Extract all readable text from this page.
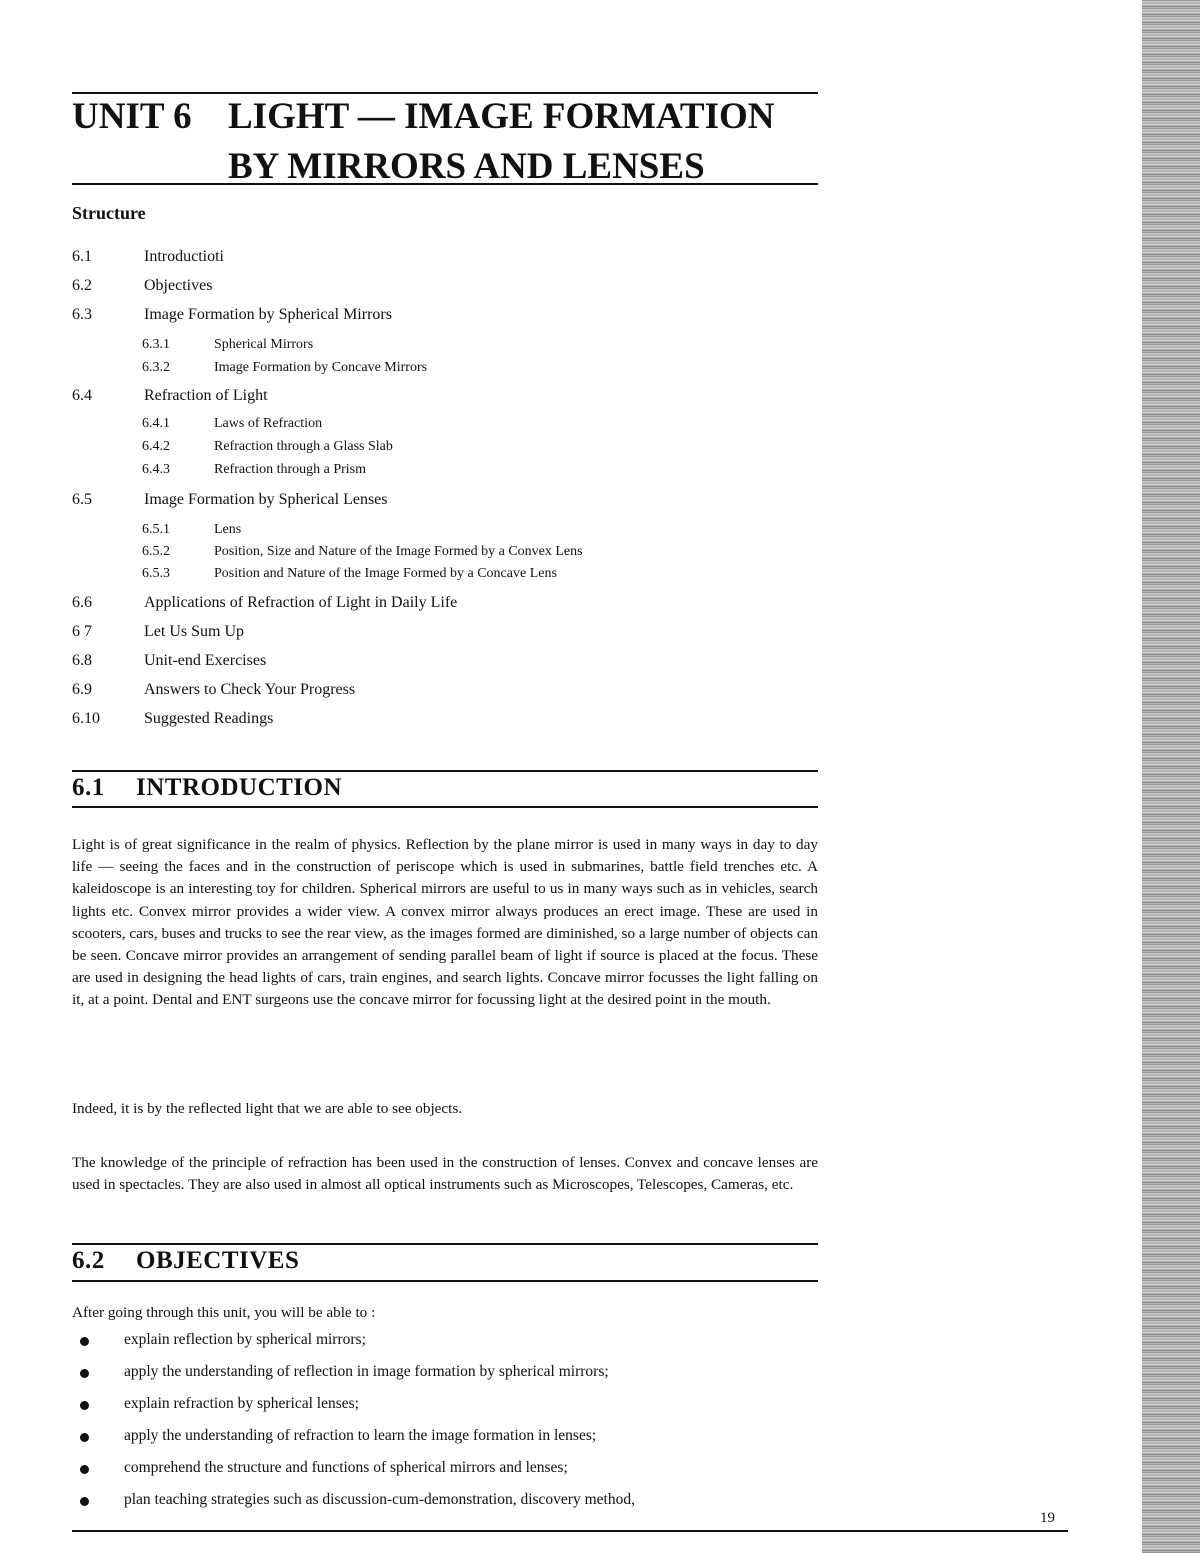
UNIT 6 LIGHT — IMAGE FORMATION
BY MIRRORS AND LENSES
Structure
6.1	Introductioti
6.2	Objectives
6.3	Image Formation by Spherical Mirrors
6.3.1	Spherical Mirrors
6.3.2	Image Formation by Concave Mirrors
6.4	Refraction of Light
6.4.1	Laws of Refraction
6.4.2	Refraction through a Glass Slab
6.4.3	Refraction through a Prism
6.5	Image Formation by Spherical Lenses
6.5.1	Lens
6.5.2	Position, Size and Nature of the Image Formed by a Convex Lens
6.5.3	Position and Nature of the Image Formed by a Concave Lens
6.6	Applications of Refraction of Light in Daily Life
6 7	Let Us Sum Up
6.8	Unit-end Exercises
6.9	Answers to Check Your Progress
6.10	Suggested Readings
6.1 INTRODUCTION
Light is of great significance in the realm of physics. Reflection by the plane mirror is used in many ways in day to day life — seeing the faces and in the construction of periscope which is used in submarines, battle field trenches etc. A kaleidoscope is an interesting toy for children. Spherical mirrors are useful to us in many ways such as in vehicles, search lights etc. Convex mirror provides a wider view. A convex mirror always produces an erect image. These are used in scooters, cars, buses and trucks to see the rear view, as the images formed are diminished, so a large number of objects can be seen. Concave mirror provides an arrangement of sending parallel beam of light if source is placed at the focus. These are used in designing the head lights of cars, train engines, and search lights. Concave mirror focusses the light falling on it, at a point. Dental and ENT surgeons use the concave mirror for focussing light at the desired point in the mouth.
Indeed, it is by the reflected light that we are able to see objects.
The knowledge of the principle of refraction has been used in the construction of lenses. Convex and concave lenses are used in spectacles. They are also used in almost all optical instruments such as Microscopes, Telescopes, Cameras, etc.
6.2 OBJECTIVES
After going through this unit, you will be able to :
explain reflection by spherical mirrors;
apply the understanding of reflection in image formation by spherical mirrors;
explain refraction by spherical lenses;
apply the understanding of refraction to learn the image formation in lenses;
comprehend the structure and functions of spherical mirrors and lenses;
plan teaching strategies such as discussion-cum-demonstration, discovery method,
19
